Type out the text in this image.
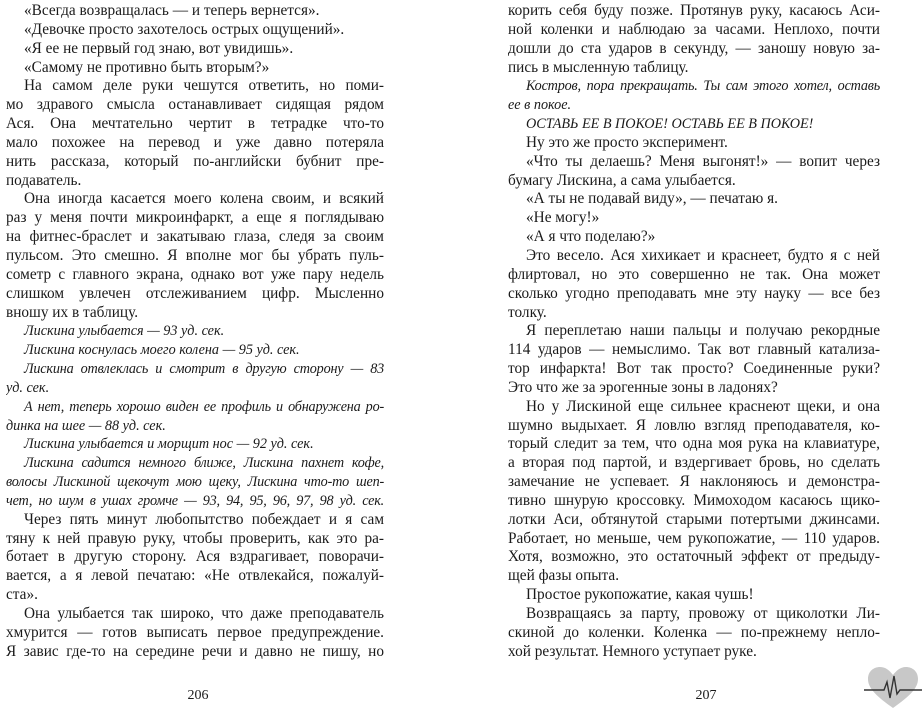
«Всегда возвращалась — и теперь вернется».
«Девочке просто захотелось острых ощущений».
«Я ее не первый год знаю, вот увидишь».
«Самому не противно быть вторым?»
На самом деле руки чешутся ответить, но поми-
мо здравого смысла останавливает сидящая рядом
Ася. Она мечтательно чертит в тетрадке что-то
мало похожее на перевод и уже давно потеряла
нить рассказа, который по-английски бубнит пре-
подаватель.
Она иногда касается моего колена своим, и всякий
раз у меня почти микроинфаркт, а еще я поглядываю
на фитнес-браслет и закатываю глаза, следя за своим
пульсом. Это смешно. Я вполне мог бы убрать пуль-
сометр с главного экрана, однако вот уже пару недель
слишком увлечен отслеживанием цифр. Мысленно
вношу их в таблицу.
Лискина улыбается — 93 уд. сек.
Лискина коснулась моего колена — 95 уд. сек.
Лискина отвлеклась и смотрит в другую сторону — 83
уд. сек.
А нет, теперь хорошо виден ее профиль и обнаружена ро-
динка на шее — 88 уд. сек.
Лискина улыбается и морщит нос — 92 уд. сек.
Лискина садится немного ближе, Лискина пахнет кофе,
волосы Лискиной щекочут мою щеку, Лискина что-то шеп-
чет, но шум в ушах громче — 93, 94, 95, 96, 97, 98 уд. сек.
Через пять минут любопытство побеждает и я сам
тяну к ней правую руку, чтобы проверить, как это ра-
ботает в другую сторону. Ася вздрагивает, поворачи-
вается, а я левой печатаю: «Не отвлекайся, пожалуй-
ста».
Она улыбается так широко, что даже преподаватель
хмурится — готов выписать первое предупреждение.
Я завис где-то на середине речи и давно не пишу, но
206
корить себя буду позже. Протянув руку, касаюсь Аси-
ной коленки и наблюдаю за часами. Неплохо, почти
дошли до ста ударов в секунду, — заношу новую за-
пись в мысленную таблицу.
Костров, пора прекращать. Ты сам этого хотел, оставь
ее в покое.
ОСТАВЬ ЕЕ В ПОКОЕ! ОСТАВЬ ЕЕ В ПОКОЕ!
Ну это же просто эксперимент.
«Что ты делаешь? Меня выгонят!» — вопит через
бумагу Лискина, а сама улыбается.
«А ты не подавай виду», — печатаю я.
«Не могу!»
«А я что поделаю?»
Это весело. Ася хихикает и краснеет, будто я с ней
флиртовал, но это совершенно не так. Она может
сколько угодно преподавать мне эту науку — все без
толку.
Я переплетаю наши пальцы и получаю рекордные
114 ударов — немыслимо. Так вот главный катализа-
тор инфаркта! Вот так просто? Соединенные руки?
Это что же за эрогенные зоны в ладонях?
Но у Лискиной еще сильнее краснеют щеки, и она
шумно выдыхает. Я ловлю взгляд преподавателя, ко-
торый следит за тем, что одна моя рука на клавиатуре,
а вторая под партой, и вздергивает бровь, но сделать
замечание не успевает. Я наклоняюсь и демонстра-
тивно шнурую кроссовку. Мимоходом касаюсь щико-
лотки Аси, обтянутой старыми потертыми джинсами.
Работает, но меньше, чем рукопожатие, — 110 ударов.
Хотя, возможно, это остаточный эффект от предыду-
щей фазы опыта.
Простое рукопожатие, какая чушь!
Возвращаясь за парту, провожу от щиколотки Ли-
скиной до коленки. Коленка — по-прежнему непло-
хой результат. Немного уступает руке.
207
